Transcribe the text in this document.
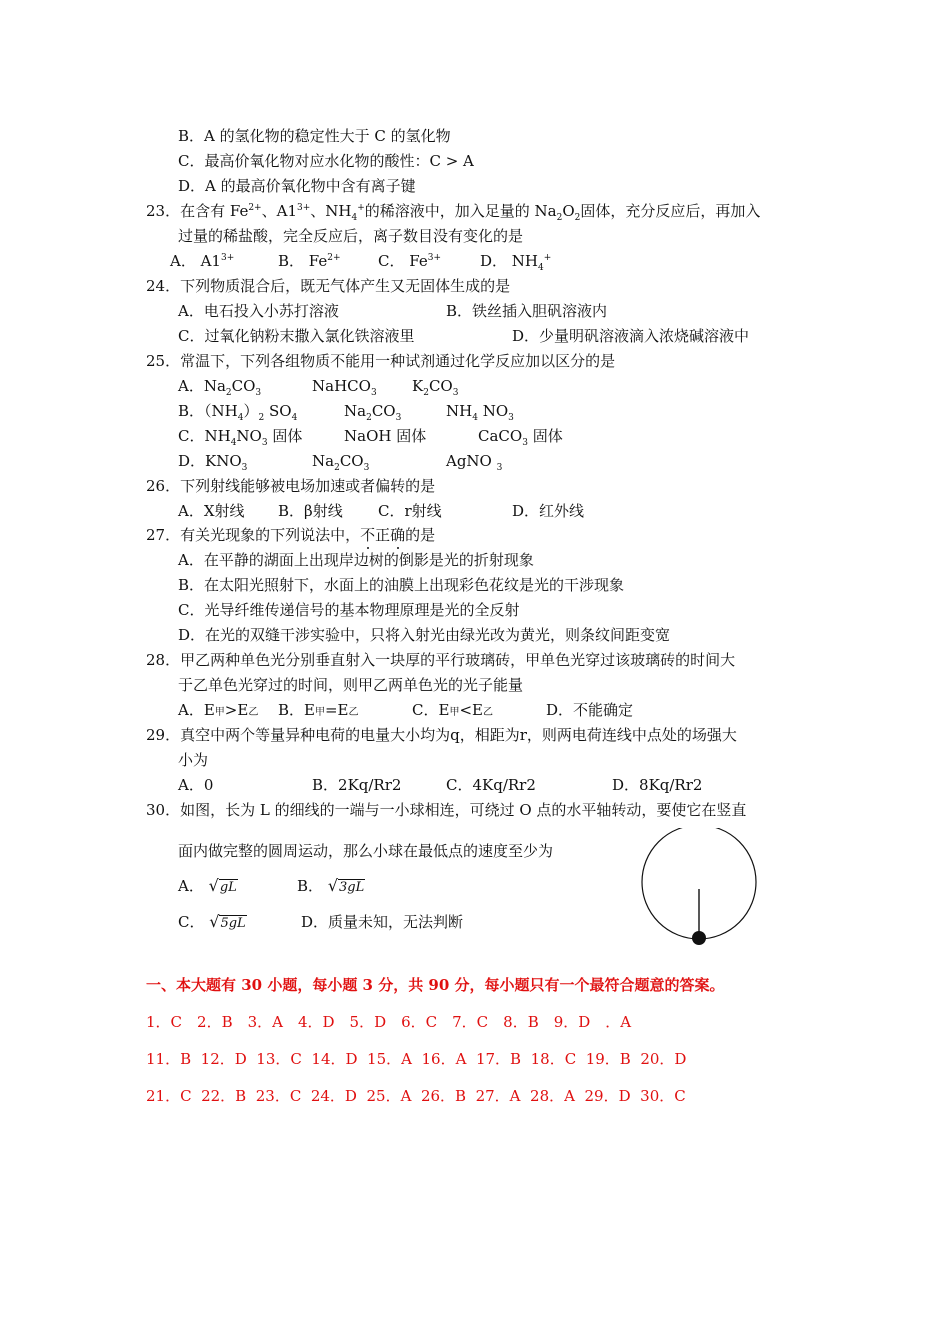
B．A 的氢化物的稳定性大于 C 的氢化物
C．最高价氧化物对应水化物的酸性：C > A
D．A 的最高价氧化物中含有离子键
23．在含有 $Fe^{2+}$、$A1^{3+}$、$NH_4^+$的稀溶液中，加入足量的 $Na_2O_2$固体，充分反应后，再加入
过量的稀盐酸，完全反应后，离子数目没有变化的是
A． $A1^{3+}$	B． $Fe^{2+}$ C． $Fe^{3+}$	D． $NH_4^+$
24．下列物质混合后，既无气体产生又无固体生成的是
A．电石投入小苏打溶液	B．铁丝插入胆矾溶液内
C．过氧化钠粉末撒入氯化铁溶液里	D．少量明矾溶液滴入浓烧碱溶液中
25．常温下，下列各组物质不能用一种试剂通过化学反应加以区分的是
A．$Na_2CO_3$	NaHCO$_3$ $K_2CO_3$
B．$(NH_4)_2$ $SO_4$	$Na_2CO_3$	$NH_4$ $NO_3$
C．$NH_4NO_3$ 固体	NaOH 固体	CaCO$_3$ 固体
D．$KNO_3$	$Na_2CO_3$	AgNO $_3$
26．下列射线能够被电场加速或者偏转的是
A．X射线 B．β射线 C．r射线	D．红外线
27．有关光现象的下列说法中，不正确的是
A．在平静的湖面上出现岸边树的倒影是光的折射现象
B．在太阳光照射下，水面上的油膜上出现彩色花纹是光的干涉现象
C．光导纤维传递信号的基本物理原理是光的全反射
D．在光的双缝干涉实验中，只将入射光由绿光改为黄光，则条纹间距变宽
28．甲乙两种单色光分别垂直射入一块厚的平行玻璃砖，甲单色光穿过该玻璃砖的时间大
于乙单色光穿过的时间，则甲乙两单色光的光子能量
A．E甲>E乙 B．E甲=E乙	C．E甲<E乙	D．不能确定
29．真空中两个等量异种电荷的电量大小均为q，相距为r，则两电荷连线中点处的场强大
小为
A．0	B．2Kq/Rr2	C．4Kq/Rr2	D．8Kq/Rr2
30．如图，长为 L 的细线的一端与一小球相连，可绕过 O 点的水平轴转动，要使它在竖直
面内做完整的圆周运动，那么小球在最低点的速度至少为
A． √gL	B． √3gL
C． √5gL	D．质量未知，无法判断
一、本大题有 30 小题，每小题 3 分，共 90 分，每小题只有一个最符合题意的答案。
1．C　2．B　3．A　4．D　5．D　6．C　7．C　8．B　9．D　．A
11．B  12．D  13．C  14．D  15．A  16．A  17．B  18．C  19．B  20．D
21．C  22．B  23．C  24．D  25．A  26．B  27．A  28．A  29．D  30．C
